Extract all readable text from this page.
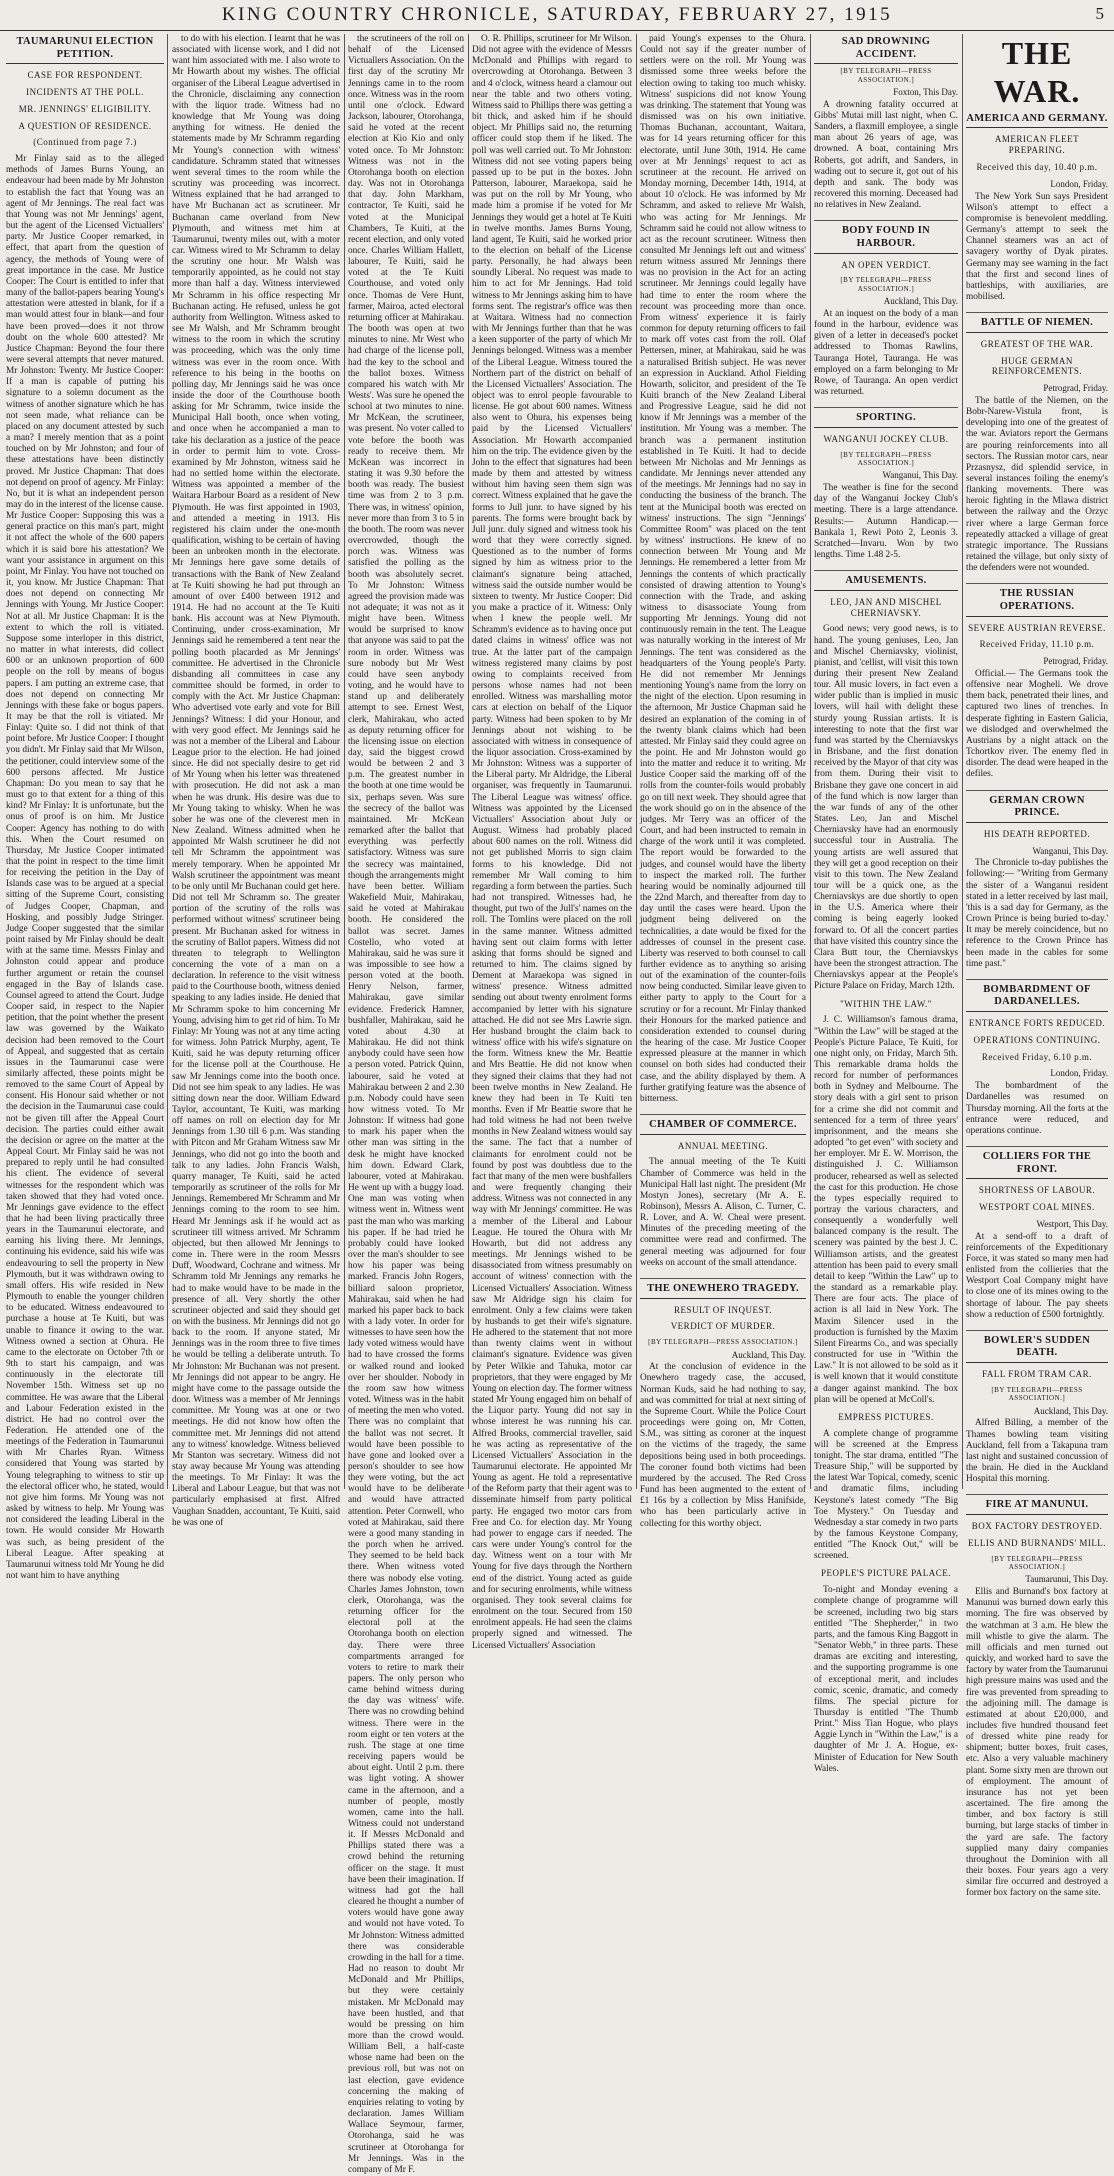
KING COUNTRY CHRONICLE, SATURDAY, FEBRUARY 27, 1915	5
TAUMARUNUI ELECTION PETITION.
CASE FOR RESPONDENT.
INCIDENTS AT THE POLL.
MR. JENNINGS' ELIGIBILITY.
A QUESTION OF RESIDENCE.
(Continued from page 7.)

Mr Finlay said as to the alleged methods of James Burns Young, an endeavour had been made by Mr Johnston to establish the fact that Young was an agent of Mr Jennings. The real fact was that Young was not Mr Jennings' agent, but the agent of the Licensed Victuallers' party. Mr Justice Cooper remarked, in effect, that apart from the question of agency, the methods of Young were of great importance in the case. Mr Justice Cooper: The Court is entitled to infer that many of the ballot-papers bearing Young's attestation were attested in blank, for if a man would attest four in blank—and four have been proved—does it not throw doubt on the whole 600 attested? Mr Justice Chapman: Beyond the four there were several attempts that never matured. Mr Johnston: Twenty. Mr Justice Cooper: If a man is capable of putting his signature to a solemn document as the witness of another signature which he has not seen made, what reliance can be placed on any document attested by such a man? I merely mention that as a point touched on by Mr Johnston; and four of these attestations have been distinctly proved. Mr Justice Chapman: That does not depend on proof of agency. Mr Finlay: No, but it is what an independent person may do in the interest of the license cause. Mr Justice Cooper: Supposing this was a general practice on this man's part, might it not affect the whole of the 600 papers which it is said bore his attestation? We want your assistance in argument on this point, Mr Finlay. You have not touched on it, you know. Mr Justice Chapman: That does not depend on connecting Mr Jennings with Young. Mr Justice Cooper: Not at all. Mr Justice Chapman: It is the extent to which the roll is vitiated. Suppose some interloper in this district, no matter in what interests, did collect 600 or an unknown proportion of 600 people on the roll by means of bogus papers. I am putting an extreme case, that does not depend on connecting Mr Jennings with these fake or bogus papers. It may be that the roll is vitiated. Mr Finlay: Quite so. I did not think of that point before. Mr Justice Cooper: I thought you didn't. Mr Finlay said that Mr Wilson, the petitioner, could interview some of the 600 persons affected. Mr Justice Chapman: Do you mean to say that he must go to that extent for a thing of this kind? Mr Finlay: It is unfortunate, but the onus of proof is on him. Mr Justice Cooper: Agency has nothing to do with this. When the Court resumed on Thursday, Mr Justice Cooper intimated that the point in respect to the time limit for receiving the petition in the Day of Islands case was to be argued at a special sitting of the Supreme Court, consisting of Judges Cooper, Chapman, and Hosking, and possibly Judge Stringer. Judge Cooper suggested that the similar point raised by Mr Finlay should be dealt with at the same time. Messrs Finlay and Johnston could appear and produce further argument or retain the counsel engaged in the Bay of Islands case. Counsel agreed to attend the Court. Judge Cooper said, in respect to the Napier petition, that the point whether the present law was governed by the Waikato decision had been removed to the Court of Appeal, and suggested that as certain issues in the Taumarunui case were similarly affected, these points might be removed to the same Court of Appeal by consent. His Honour said whether or not the decision in the Taumarunui case could not be given till after the Appeal Court decision. The parties could either await the decision or agree on the matter at the Appeal Court. Mr Finlay said he was not prepared to reply until he had consulted his client. The evidence of several witnesses for the respondent which was taken showed that they had voted once. Mr Jennings gave evidence to the effect that he had been living practically three years in the Taumarunui electorate, and earning his living there. Mr Jennings, continuing his evidence, said his wife was endeavouring to sell the property in New Plymouth, but it was withdrawn owing to small offers. His wife resided in New Plymouth to enable the younger children to be educated. Witness endeavoured to purchase a house at Te Kuiti, but was unable to finance it owing to the war. Witness owned a section at Ohura. He came to the electorate on October 7th or 9th to start his campaign, and was continuously in the electorate till November 15th. Witness set up no committee. He was aware that the Liberal and Labour Federation existed in the district. He had no control over the Federation. He attended one of the meetings of the Federation in Taumarunui with Mr Charles Ryan. Witness considered that Young was started by Young telegraphing to witness to stir up the electoral officer who, he stated, would not give him forms. Mr Young was not asked by witness to help. Mr Young was not considered the leading Liberal in the town. He would consider Mr Howarth was such, as being president of the Liberal League. After speaking at Taumarunui witness told Mr Young he did not want him to have anything

to do with his election. I learnt that he was associated with license work, and I did not want him associated with me. I also wrote to Mr Howarth about my wishes. The official organiser of the Liberal League advertised in the Chronicle, disclaiming any connection with the liquor trade. Witness had no knowledge that Mr Young was doing anything for witness. He denied the statements made by Mr Schramm regarding Mr Young's connection with witness' candidature. Schramm stated that witnesses went several times to the room while the scrutiny was proceeding was incorrect. Witness explained that he had arranged to have Mr Buchanan act as scrutineer. Mr Buchanan came overland from New Plymouth, and witness met him at Taumarunui, twenty miles out, with a motor car. Witness wired to Mr Schramm to delay the scrutiny one hour. Mr Walsh was temporarily appointed, as he could not stay more than half a day. Witness interviewed Mr Schramm in his office respecting Mr Buchanan acting. He refused, unless he got authority from Wellington. Witness asked to see Mr Walsh, and Mr Schramm brought witness to the room in which the scrutiny was proceeding, which was the only time witness was ever in the room once. With reference to his being in the booths on polling day, Mr Jennings said he was once inside the door of the Courthouse booth asking for Mr Schramm, twice inside the Municipal Hall booth, once when voting, and once when he accompanied a man to take his declaration as a justice of the peace in order to permit him to vote. Cross-examined by Mr Johnston, witness said he had no settled home within the electorate. Witness was appointed a member of the Waitara Harbour Board as a resident of New Plymouth. He was first appointed in 1903, and attended a meeting in 1913. His registered his claim under the one-month qualification, wishing to be certain of having been an unbroken month in the electorate. Mr Jennings here gave some details of transactions with the Bank of New Zealand at Te Kuiti showing he had put through an amount of over £400 between 1912 and 1914. He had no account at the Te Kuiti bank. His account was at New Plymouth. Continuing, under cross-examination, Mr Jennings said he remembered a tent near the polling booth placarded as Mr Jennings' committee. He advertised in the Chronicle disbanding all committees in case any committee should be formed, in order to comply with the Act. Mr Justice Chapman: Who advertised vote early and vote for Bill Jennings? Witness: I did your Honour, and with very good effect. Mr Jennings said he was not a member of the Liberal and Labour League prior to the election. He had joined since. He did not specially desire to get rid of Mr Young when his letter was threatened with prosecution. He did not ask a man when he was drunk. His desire was due to Mr Young taking to whisky. When he was sober he was one of the cleverest men in New Zealand. Witness admitted when he appointed Mr Walsh scrutineer he did not tell Mr Schramm the appointment was merely temporary. When he appointed Mr Walsh scrutineer the appointment was meant to be only until Mr Buchanan could get here. Did not tell Mr Schramm so. The greater portion of the scrutiny of the rolls was performed without witness' scrutineer being present. Mr Buchanan asked for witness in the scrutiny of Ballot papers. Witness did not threaten to telegraph to Wellington concerning the vote of a man on a declaration. In reference to the visit witness paid to the Courthouse booth, witness denied speaking to any ladies inside. He denied that Mr Schramm spoke to him concerning Mr Young, advising him to get rid of him. To Mr Finlay: Mr Young was not at any time acting for witness. John Patrick Murphy, agent, Te Kuiti, said he was deputy returning officer for the license poll at the Courthouse. He saw Mr Jennings come into the booth once. Did not see him speak to any ladies. He was sitting down near the door. William Edward Taylor, accountant, Te Kuiti, was marking off names on roll on election day for Mr Jennings from 1.30 till 6 p.m. Was standing with Pitcon and Mr Graham Witness saw Mr Jennings, who did not go into the booth and talk to any ladies. John Francis Walsh, quarry manager, Te Kuiti, said he acted temporarily as scrutineer of the rolls for Mr Jennings. Remembered Mr Schramm and Mr Jennings coming to the room to see him. Heard Mr Jennings ask if he would act as scrutineer till witness arrived. Mr Schramm objected, but then allowed Mr Jennings to come in. There were in the room Messrs Duff, Woodward, Cochrane and witness. Mr Schramm told Mr Jennings any remarks he had to make would have to be made in the presence of all. Very shortly the other scrutineer objected and said they should get on with the business. Mr Jennings did not go back to the room. If anyone stated, Mr Jennings was in the room three to five times he would be telling a deliberate untruth. To Mr Johnston: Mr Buchanan was not present. Mr Jennings did not appear to be angry. He might have come to the passage outside the door. Witness was a member of Mr Jennings committee. Mr Young was at one or two meetings. He did not know how often the committee met. Mr Jennings did not attend any to witness' knowledge. Witness believed Mr Stanton was secretary. Witness did not stay away because Mr Young was attending the meetings. To Mr Finlay: It was the Liberal and Labour League, but that was not particularly emphasised at first. Alfred Vaughan Snadden, accountant, Te Kuiti, said he was one of

the scrutineers of the roll on behalf of the Licensed Victuallers Association. On the first day of the scrutiny Mr Jennings came in to the room once. Witness was in the room until one o'clock. Edward Jackson, labourer, Otorohanga, said he voted at the recent election at Kio Kio and only voted once. To Mr Johnston: Witness was not in the Otorohanga booth on election day. Was not in Otorohanga that day. John Markham, contractor, Te Kuiti, said he voted at the Municipal Chambers, Te Kuiti, at the recent election, and only voted once. Charles William Hallett, labourer, Te Kuiti, said he voted at the Te Kuiti Courthouse, and voted only once. Thomas de Vere Hunt, farmer, Mairoa, acted electoral returning officer at Mahirakau. The booth was open at two minutes to nine. Mr West who had charge of the license poll, had the key to the school and the ballot boxes. Witness compared his watch with Mr Wests'. Was sure he opened the school at two minutes to nine. Mr McKean, the scrutineer, was present. No voter called to vote before the booth was ready to receive them. Mr McKean was incorrect in stating it was 9.30 before the booth was ready. The busiest time was from 2 to 3 p.m. There was, in witness' opinion, never more than from 3 to 5 in the booth. The room was never overcrowded, though the porch was. Witness was satisfied the polling as the booth was absolutely secret. To Mr Johnston: Witness agreed the provision made was not adequate; it was not as it might have been. Witness would be surprised to know that anyone was said to pat the room in order. Witness was sure nobody but Mr West could have seen anybody voting, and he would have to stand up and deliberately attempt to see. Ernest West, clerk, Mahirakau, who acted as deputy returning officer for the licensing issue on election day, said the biggest crowd would be between 2 and 3 p.m. The greatest number in the booth at one time would be six, perhaps seven. Was sure the secrecy of the ballot was maintained. Mr McKean remarked after the ballot that everything was perfectly satisfactory. Witness was sure the secrecy was maintained, though the arrangements might have been better. William Wakefield Muir, Mahirakau, said he voted at Mahirakau booth. He considered the ballot was secret. James Costello, who voted at Mahirakau, said he was sure it was impossible to see how a person voted at the booth. Henry Nelson, farmer, Mahirakau, gave similar evidence. Frederick Hamner, bushfaller, Mahirakau, said he voted about 4.30 at Mahirakau. He did not think anybody could have seen how a person voted. Patrick Quinn, labourer, said he voted at Mahirakau between 2 and 2.30 p.m. Nobody could have seen how witness voted. To Mr Johnston: If witness had gone to mark his paper when the other man was sitting in the desk he might have knocked him down. Edward Clark, labourer, voted at Mahirakau. He went up with a buggy load. One man was voting when witness went in. Witness went past the man who was marking his paper. If he had tried he probably could have looked over the man's shoulder to see how his paper was being marked. Francis John Rogers, billiard saloon proprietor, Mahirakau, said when he had marked his paper back to back with a lady voter. In order for witnesses to have seen how the lady voted witness would have had to have crossed the forms or walked round and looked over her shoulder. Nobody in the room saw how witness voted. Witness was in the habit of meeting the men who voted. There was no complaint that the ballot was not secret. It would have been possible to have gone and looked over a person's shoulder to see how they were voting, but the act would have to be deliberate and would have attracted attention. Peter Cornwell, who voted at Mahirakau, said there were a good many standing in the porch when he arrived. They seemed to be held back there. When witness voted there was nobody else voting. Charles James Johnston, town clerk, Otorohanga, was the returning officer for the electoral poll at the Otorohanga booth on election day. There were three compartments arranged for voters to retire to mark their papers. The only person who came behind witness during the day was witness' wife. There was no crowding behind witness. There were in the room eight or ten voters at the rush. The stage at one time receiving papers would be about eight. Until 2 p.m. there was light voting. A shower came in the afternoon, and a number of people, mostly women, came into the hall. Witness could not understand it. If Messrs McDonald and Phillips stated there was a crowd behind the returning officer on the stage. It must have been their imagination. If witness had got the hall cleared he thought a number of voters would have gone away and would not have voted. To Mr Johnston: Witness admitted there was considerable crowding in the hall for a time. Had no reason to doubt Mr McDonald and Mr Phillips, but they were certainly mistaken. Mr McDonald may have been hustled, and that would be pressing on him more than the crowd would. William Bell, a half-caste whose name had been on the previous roll, but was not on last election, gave evidence concerning the making of enquiries relating to voting by declaration. James William Wallace Seymour, farmer, Otorohanga, said he was scrutineer at Otorohanga for Mr Jennings. Was in the company of Mr F.

O. R. Phillips, scrutineer for Mr Wilson. Did not agree with the evidence of Messrs McDonald and Phillips with regard to overcrowding at Otorohanga. Between 3 and 4 o'clock, witness heard a clamour out near the table and two others voting. Witness said to Phillips there was getting a bit thick, and asked him if he should object. Mr Phillips said no, the returning officer could stop them if he liked. The poll was well carried out. To Mr Johnston: Witness did not see voting papers being passed up to be put in the boxes. John Patterson, labourer, Maraekopa, said he was put on the roll by Mr Young, who made him a promise if he voted for Mr Jennings they would get a hotel at Te Kuiti in twelve months. James Burns Young, land agent, Te Kuiti, said he worked prior to the election on behalf of the License party. Personally, he had always been soundly Liberal. No request was made to him to act for Mr Jennings. Had told witness to Mr Jennings asking him to have forms sent. The registrar's office was then at Waitara. Witness had no connection with Mr Jennings further than that he was a keen supporter of the party of which Mr Jennings belonged. Witness was a member of the Liberal League. Witness toured the Northern part of the district on behalf of the Licensed Victuallers' Association. The object was to enrol people favourable to license. He got about 600 names. Witness also went to Ohura, his expenses being paid by the Licensed Victuallers' Association. Mr Howarth accompanied him on the trip. The evidence given by the John to the effect that signatures had been made by them and attested by witness without him having seen them sign was correct. Witness explained that he gave the forms to Jull junr. to have signed by his parents. The forms were brought back by Jull junr. duly signed and witness took his word that they were correctly signed. Questioned as to the number of forms signed by him as witness prior to the claimant's signature being attached, witness said the outside number would be sixteen to twenty. Mr Justice Cooper: Did you make a practice of it. Witness: Only when I knew the people well. Mr Schramm's evidence as to having once put dated claims in witness' office was not true. At the latter part of the campaign witness registered many claims by post owing to complaints received from persons whose names had not been enrolled. Witness was marshalling motor cars at election on behalf of the Liquor party. Witness had been spoken to by Mr Jennings about not wishing to be associated with witness in consequence of the liquor association. Cross-examined by Mr Johnston: Witness was a supporter of the Liberal party. Mr Aldridge, the Liberal organiser, was frequently in Taumarunui. The Liberal League was witness' office. Witness was appointed by the Licensed Victuallers' Association about July or August. Witness had probably placed about 600 names on the roll. Witness did not get published Morris to sign claim forms to his knowledge. Did not remember Mr Wall coming to him regarding a form between the parties. Such had not transpired. Witnesses had, he thought, put two of the Jull's' names on the roll. The Tomlins were placed on the roll in the same manner. Witness admitted having sent out claim forms with letter asking that forms should be signed and returned to him. The claims signed by Dement at Maraekopa was signed in witness' presence. Witness admitted sending out about twenty enrolment forms accompanied by letter with his signature attached. He did not see Mrs Lawrie sign. Her husband brought the claim back to witness' office with his wife's signature on the form. Witness knew the Mr. Beattie and Mrs Beattie. He did not know when they signed their claims that they had not been twelve months in New Zealand. He knew they had been in Te Kuiti ten months. Even if Mr Beattie swore that he had told witness he had not been twelve months in New Zealand witness would say the same. The fact that a number of claimants for enrolment could not be found by post was doubtless due to the fact that many of the men were bushfallers and were frequently changing their address. Witness was not connected in any way with Mr Jennings' committee. He was a member of the Liberal and Labour League. He toured the Ohura with Mr Howarth, but did not address any meetings. Mr Jennings wished to be disassociated from witness presumably on account of witness' connection with the Licensed Victuallers' Association. Witness saw Mr Aldridge sign his claim for enrolment. Only a few claims were taken by husbands to get their wife's signature. He adhered to the statement that not more than twenty claims went in without claimant's signature. Evidence was given by Peter Wilkie and Tahuka, motor car proprietors, that they were engaged by Mr Young on election day. The former witness stated Mr Young engaged him on behalf of the Liquor party. Young did not say in whose interest he was running his car. Alfred Brooks, commercial traveller, said he was acting as representative of the Licensed Victuallers' Association in the Taumarunui electorate. He appointed Mr Young as agent. He told a representative of the Reform party that their agent was to disseminate himself from party political party. He engaged two motor cars from Free and Co. for election day. Mr Young had power to engage cars if needed. The cars were under Young's control for the day. Witness went on a tour with Mr Young for five days through the Northern end of the district. Young acted as guide and for securing enrolments, while witness organised. They took several claims for enrolment on the tour. Secured from 150 enrolment appeals. He had seen the claims properly signed and witnessed. The Licensed Victuallers' Association

paid Young's expenses to the Ohura. Could not say if the greater number of settlers were on the roll. Mr Young was dismissed some three weeks before the election owing to taking too much whisky. Witness' suspicions did not know Young was drinking. The statement that Young was dismissed was on his own initiative. Thomas Buchanan, accountant, Waitara, was for 14 years returning officer for this electorate, until June 30th, 1914. He came over at Mr Jennings' request to act as scrutineer at the recount. He arrived on Monday morning, December 14th, 1914, at about 10 o'clock. He was informed by Mr Schramm, and asked to relieve Mr Walsh, who was acting for Mr Jennings. Mr Schramm said he could not allow witness to act as the recount scrutineer. Witness then consulted Mr Jennings left out and witness' return witness assured Mr Jennings there was no provision in the Act for an acting scrutineer. Mr Jennings could legally have had time to enter the room where the recount was proceeding more than once. From witness' experience it is fairly common for deputy returning officers to fail to mark off votes cast from the roll. Olaf Pettersen, miner, at Mahirakau, said he was a naturalised British subject. He was never an expression in Auckland. Athol Fielding Howarth, solicitor, and president of the Te Kuiti branch of the New Zealand Liberal and Progressive League, said he did not know if Mr Jennings was a member of the institution. Mr Young was a member. The branch was a permanent institution established in Te Kuiti. It had to decide between Mr Nicholas and Mr Jennings as candidate. Mr Jennings never attended any of the meetings. Mr Jennings had no say in conducting the business of the branch. The tent at the Municipal booth was erected on witness' instructions. The sign "Jennings' Committee Room" was placed on the tent by witness' instructions. He knew of no connection between Mr Young and Mr Jennings. He remembered a letter from Mr Jennings the contents of which practically consisted of drawing attention to Young's connection with the Trade, and asking witness to disassociate Young from supporting Mr Jennings. Young did not continuously remain in the tent. The League was naturally working in the interest of Mr Jennings. The tent was considered as the headquarters of the Young people's Party. He did not remember Mr Jennings mentioning Young's name from the lorry on the night of the election. Upon resuming in the afternoon, Mr Justice Chapman said he desired an explanation of the coming in of the twenty blank claims which had been attested. Mr Finlay said they could agree on the point. He and Mr Johnston would go into the matter and reduce it to writing. Mr Justice Cooper said the marking off of the rolls from the counter-foils would probably go on till next week. They should agree that the work should go on in the absence of the judges. Mr Terry was an officer of the Court, and had been instructed to remain in charge of the work until it was completed. The report would be forwarded to the judges, and counsel would have the liberty to inspect the marked roll. The further hearing would be nominally adjourned till the 22nd March, and thereafter from day to day until the cases were heard. Upon the judgment being delivered on the technicalities, a date would be fixed for the addresses of counsel in the present case. Liberty was reserved to both counsel to call further evidence as to anything so arising out of the examination of the counter-foils now being conducted. Similar leave given to either party to apply to the Court for a scrutiny or for a recount. Mr Finlay thanked their Honours for the marked patience and consideration extended to counsel during the hearing of the case. Mr Justice Cooper expressed pleasure at the manner in which counsel on both sides had conducted their case, and the ability displayed by them. A further gratifying feature was the absence of bitterness.

CHAMBER OF COMMERCE.
ANNUAL MEETING.

The annual meeting of the Te Kuiti Chamber of Commerce was held in the Municipal Hall last night. The president (Mr Mostyn Jones), secretary (Mr A. E. Robinson), Messrs A. Alison, C. Turner, C. R. Lover, and A. W. Cheal were present. Minutes of the preceding meeting of the committee were read and confirmed. The general meeting was adjourned for four weeks on account of the small attendance.

THE ONEWHERO TRAGEDY.
RESULT OF INQUEST.
VERDICT OF MURDER.
[BY TELEGRAPH—PRESS ASSOCIATION.]
Auckland, This Day.

At the conclusion of evidence in the Onewhero tragedy case, the accused, Norman Kuds, said he had nothing to say, and was committed for trial at next sitting of the Supreme Court. While the Police Court proceedings were going on, Mr Cotten, S.M., was sitting as coroner at the inquest on the victims of the tragedy, the same depositions being used in both proceedings. The coroner found both victims had been murdered by the accused. The Red Cross Fund has been augmented to the extent of £1 16s by a collection by Miss Hanifside, who has been particularly active in collecting for this worthy object.

SAD DROWNING ACCIDENT.
[BY TELEGRAPH—PRESS ASSOCIATION.]
Foxton, This Day.

A drowning fatality occurred at Gibbs' Mutai mill last night, when C. Sanders, a flaxmill employee, a single man about 26 years of age, was drowned. A boat, containing Mrs Roberts, got adrift, and Sanders, in wading out to secure it, got out of his depth and sank. The body was recovered this morning. Deceased had no relatives in New Zealand.

BODY FOUND IN HARBOUR.
AN OPEN VERDICT.
[BY TELEGRAPH—PRESS ASSOCIATION.]
Auckland, This Day.

At an inquest on the body of a man found in the harbour, evidence was given of a letter in deceased's pocket addressed to Thomas Rawlins, Tauranga Hotel, Tauranga. He was employed on a farm belonging to Mr Rowe, of Tauranga. An open verdict was returned.

SPORTING.
WANGANUI JOCKEY CLUB.
[BY TELEGRAPH—PRESS ASSOCIATION.]
Wanganui, This Day.

The weather is fine for the second day of the Wanganui Jockey Club's meeting. There is a large attendance. Results:— Autumn Handicap.— Bankala 1, Rewi Poto 2, Leonis 3. Scratched—Invaru. Won by two lengths. Time 1.48 2-5.

AMUSEMENTS.
LEO, JAN AND MISCHEL CHERNIAVSKY.

Good news; very good news, is to hand. The young geniuses, Leo, Jan and Mischel Cherniavsky, violinist, pianist, and 'cellist, will visit this town during their present New Zealand tour. All music lovers, in fact even a wider public than is implied in music lovers, will hail with delight these sturdy young Russian artists. It is interesting to note that the first war fund was started by the Cherniavskys in Brisbane, and the first donation received by the Mayor of that city was from them. During their visit to Brisbane they gave one concert in aid of the fund which is now larger than the war funds of any of the other States. Leo, Jan and Mischel Cherniavsky have had an enormously successful tour in Australia. The young artists are well assured that they will get a good reception on their visit to this town. The New Zealand tour will be a quick one, as the Cherniavskys are due shortly to open in the U.S. America where their coming is being eagerly looked forward to. Of all the concert parties that have visited this country since the Clara Butt tour, the Cherniavskys have been the strongest attraction. The Cherniavskys appear at the People's Picture Palace on Friday, March 12th.

"WITHIN THE LAW."

J. C. Williamson's famous drama, "Within the Law" will be staged at the People's Picture Palace, Te Kuiti, for one night only, on Friday, March 5th. This remarkable drama holds the record for number of performances both in Sydney and Melbourne. The story deals with a girl sent to prison for a crime she did not commit and sentenced for a term of three years' imprisonment, and the means she adopted "to get even" with society and her employer. Mr E. W. Morrison, the distinguished J. C. Williamson producer, rehearsed as well as selected the cast for this production. He chose the types especially required to portray the various characters, and consequently a wonderfully well balanced company is the result. The scenery was painted by the best J. C. Williamson artists, and the greatest attention has been paid to every small detail to keep "Within the Law" up to the standard as a remarkable play. There are four acts. The place of action is all laid in New York. The Maxim Silencer used in the production is furnished by the Maxim Silent Firearms Co., and was specially constructed for use in "Within the Law." It is not allowed to be sold as it is well known that it would constitute a danger against mankind. The box plan will be opened at McColl's.

EMPRESS PICTURES.

A complete change of programme will be screened at the Empress tonight. The star drama, entitled "The Treasure Ship," will be supported by the latest War Topical, comedy, scenic and dramatic films, including Keystone's latest comedy "The Big Toe Mystery." On Tuesday and Wednesday a star comedy in two parts by the famous Keystone Company, entitled "The Knock Out," will be screened.

PEOPLE'S PICTURE PALACE.

To-night and Monday evening a complete change of programme will be screened, including two big stars entitled "The Shepherder," in two parts, and the famous King Baggott in "Senator Webb," in three parts. These dramas are exciting and interesting, and the supporting programme is one of exceptional merit, and includes comic, scenic, dramatic, and comedy films. The special picture for Thursday is entitled "The Thumb Print." Miss Tian Hogue, who plays Aggie Lynch in "Within the Law," is a daughter of Mr J. A. Hogue, ex-Minister of Education for New South Wales.

THE WAR.
AMERICA AND GERMANY.
AMERICAN FLEET PREPARING.
Received this day, 10.40 p.m.
London, Friday.

The New York Sun says President Wilson's attempt to effect a compromise is benevolent meddling. Germany's attempt to seek the Channel steamers was an act of savagery worthy of Dyak pirates. Germany may see warning in the fact that the first and second lines of battleships, with auxiliaries, are mobilised.

BATTLE OF NIEMEN.
GREATEST OF THE WAR.
HUGE GERMAN REINFORCEMENTS.
Petrograd, Friday.

The battle of the Niemen, on the Bobr-Narew-Vistula front, is developing into one of the greatest of the war. Aviators report the Germans are pouring reinforcements into all sectors. The Russian motor cars, near Przasnysz, did splendid service, in several instances foiling the enemy's flanking movements. There was heroic fighting in the Mlawa district between the railway and the Orzyc river where a large German force repeatedly attacked a village of great strategic importance. The Russians retained the village, but only sixty of the defenders were not wounded.

THE RUSSIAN OPERATIONS.
SEVERE AUSTRIAN REVERSE.
Received Friday, 11.10 p.m.
Petrograd, Friday.

Official.— The Germans took the offensive near Mogheli. We drove them back, penetrated their lines, and captured two lines of trenches. In desperate fighting in Eastern Galicia, we dislodged and overwhelmed the Austrians by a night attack on the Tchortkov river. The enemy fled in disorder. The dead were heaped in the defiles.

GERMAN CROWN PRINCE.
HIS DEATH REPORTED.
Wanganui, This Day.

The Chronicle to-day publishes the following:— "Writing from Germany the sister of a Wanganui resident stated in a letter received by last mail, 'this is a sad day for Germany, as the Crown Prince is being buried to-day.' It may be merely coincidence, but no reference to the Crown Prince has been made in the cables for some time past."

BOMBARDMENT OF DARDANELLES.
ENTRANCE FORTS REDUCED.
OPERATIONS CONTINUING.
Received Friday, 6.10 p.m.
London, Friday.

The bombardment of the Dardanelles was resumed on Thursday morning. All the forts at the entrance were reduced, and operations continue.

COLLIERS FOR THE FRONT.
SHORTNESS OF LABOUR.
WESTPORT COAL MINES.
Westport, This Day.

At a send-off to a draft of reinforcements of the Expeditionary Force, it was stated so many men had enlisted from the collieries that the Westport Coal Company might have to close one of its mines owing to the shortage of labour. The pay sheets show a reduction of £500 fortnightly.

BOWLER'S SUDDEN DEATH.
FALL FROM TRAM CAR.
[BY TELEGRAPH—PRESS ASSOCIATION.]
Auckland, This Day.

Alfred Billing, a member of the Thames bowling team visiting Auckland, fell from a Takapuna tram last night and sustained concussion of the brain. He died in the Auckland Hospital this morning.

FIRE AT MANUNUI.
BOX FACTORY DESTROYED.
ELLIS AND BURNANDS' MILL.
[BY TELEGRAPH—PRESS ASSOCIATION.]
Taumarunui, This Day.

Ellis and Burnand's box factory at Manunui was burned down early this morning. The fire was observed by the watchman at 3 a.m. He blew the mill whistle to give the alarm. The mill officials and men turned out quickly, and worked hard to save the factory by water from the Taumarunui high pressure mains was used and the fire was prevented from spreading to the adjoining mill. The damage is estimated at about £20,000, and includes five hundred thousand feet of dressed white pine ready for shipment; butter boxes, fruit cases, etc. Also a very valuable machinery plant. Some sixty men are thrown out of employment. The amount of insurance has not yet been ascertained. The fire among the timber, and box factory is still burning, but large stacks of timber in the yard are safe. The factory supplied many dairy companies throughout the Dominion with all their boxes. Four years ago a very similar fire occurred and destroyed a former box factory on the same site.
